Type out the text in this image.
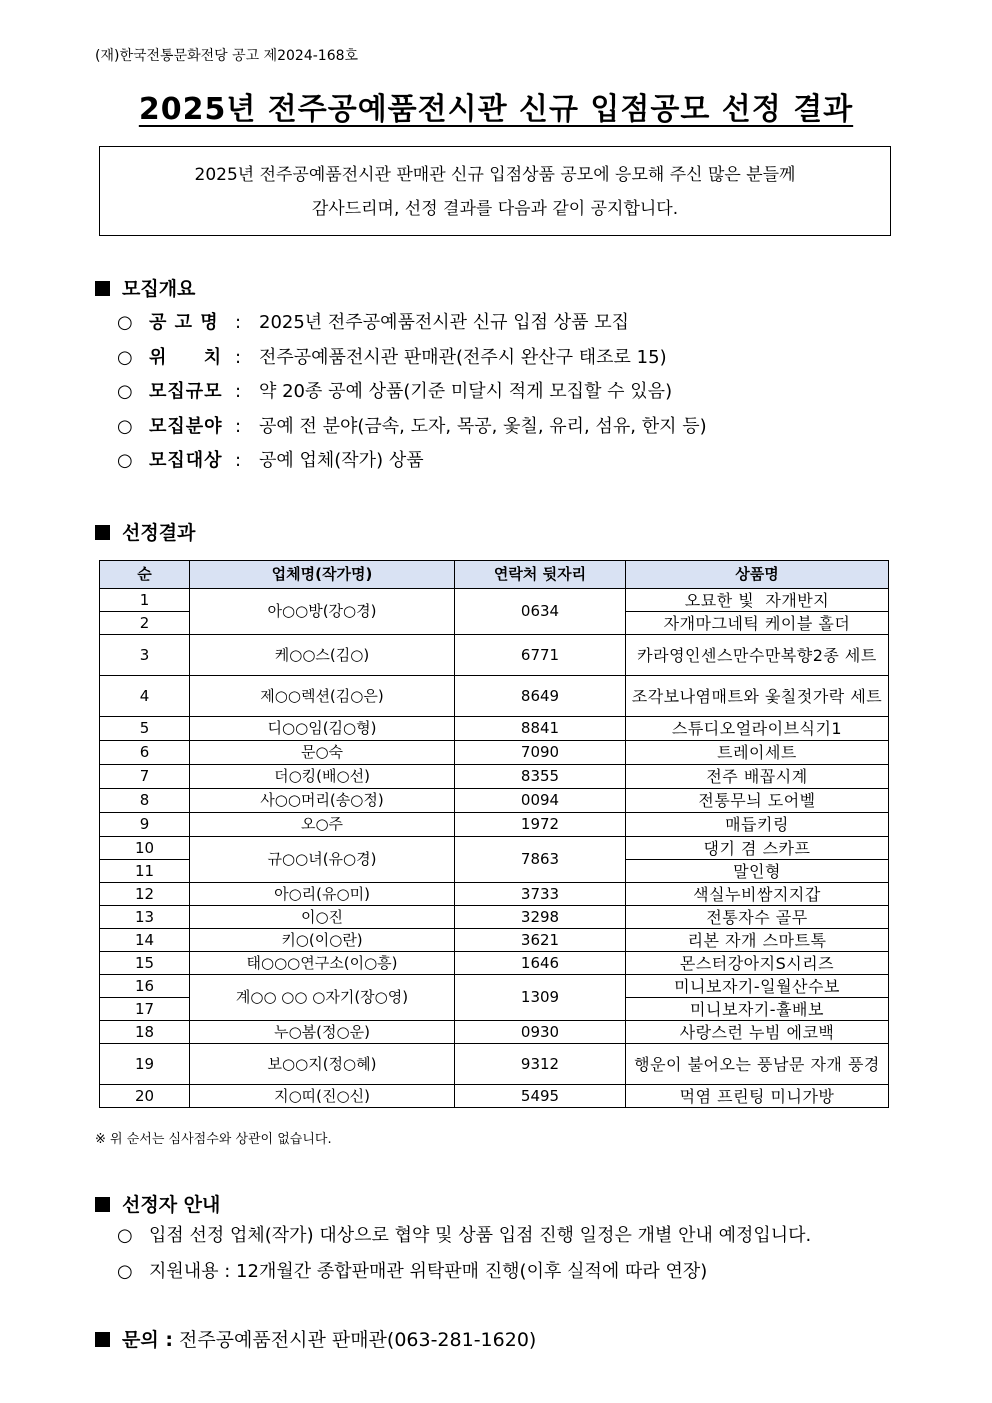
(재)한국전통문화전당 공고 제2024-168호
2025년 전주공예품전시관 신규 입점공모 선정 결과
2025년 전주공예품전시관 판매관 신규 입점상품 공모에 응모해 주신 많은 분들께
감사드리며, 선정 결과를 다음과 같이 공지합니다.
모집개요
○ 공 고 명 : 2025년 전주공예품전시관 신규 입점 상품 모집
○ 위     치 : 전주공예품전시관 판매관(전주시 완산구 태조로 15)
○ 모집규모 : 약 20종 공예 상품(기준 미달시 적게 모집할 수 있음)
○ 모집분야 : 공예 전 분야(금속, 도자, 목공, 옻칠, 유리, 섬유, 한지 등)
○ 모집대상 : 공예 업체(작가) 상품
선정결과
순	업체명(작가명)	연락처 뒷자리	상품명
1	아○○방(강○경)	0634	오묘한 빛  자개반지
2			자개마그네틱 케이블 홀더
3	케○○스(김○)	6771	카라영인센스만수만복향2종 세트
4	제○○렉션(김○은)	8649	조각보나염매트와 옻칠젓가락 세트
5	디○○임(김○형)	8841	스튜디오얼라이브식기1
6	문○숙	7090	트레이세트
7	더○킹(배○선)	8355	전주 배꼽시계
8	사○○머리(송○정)	0094	전통무늬 도어벨
9	오○주	1972	매듭키링
10	규○○녀(유○경)	7863	댕기 겸 스카프
11			말인형
12	아○리(유○미)	3733	색실누비쌈지지갑
13	이○진	3298	전통자수 골무
14	키○(이○란)	3621	리본 자개 스마트톡
15	태○○○연구소(이○흥)	1646	몬스터강아지S시리즈
16	계○○ ○○ ○자기(장○영)	1309	미니보자기-일월산수보
17			미니보자기-휼배보
18	누○봄(정○운)	0930	사랑스런 누빔 에코백
19	보○○지(정○혜)	9312	행운이 불어오는 풍남문 자개 풍경
20	지○띠(진○신)	5495	먹염 프린팅 미니가방
※ 위 순서는 심사점수와 상관이 없습니다.
선정자 안내
○ 입점 선정 업체(작가) 대상으로 협약 및 상품 입점 진행 일정은 개별 안내 예정입니다.
○ 지원내용 : 12개월간 종합판매관 위탁판매 진행(이후 실적에 따라 연장)
문의 : 전주공예품전시관 판매관(063-281-1620)
